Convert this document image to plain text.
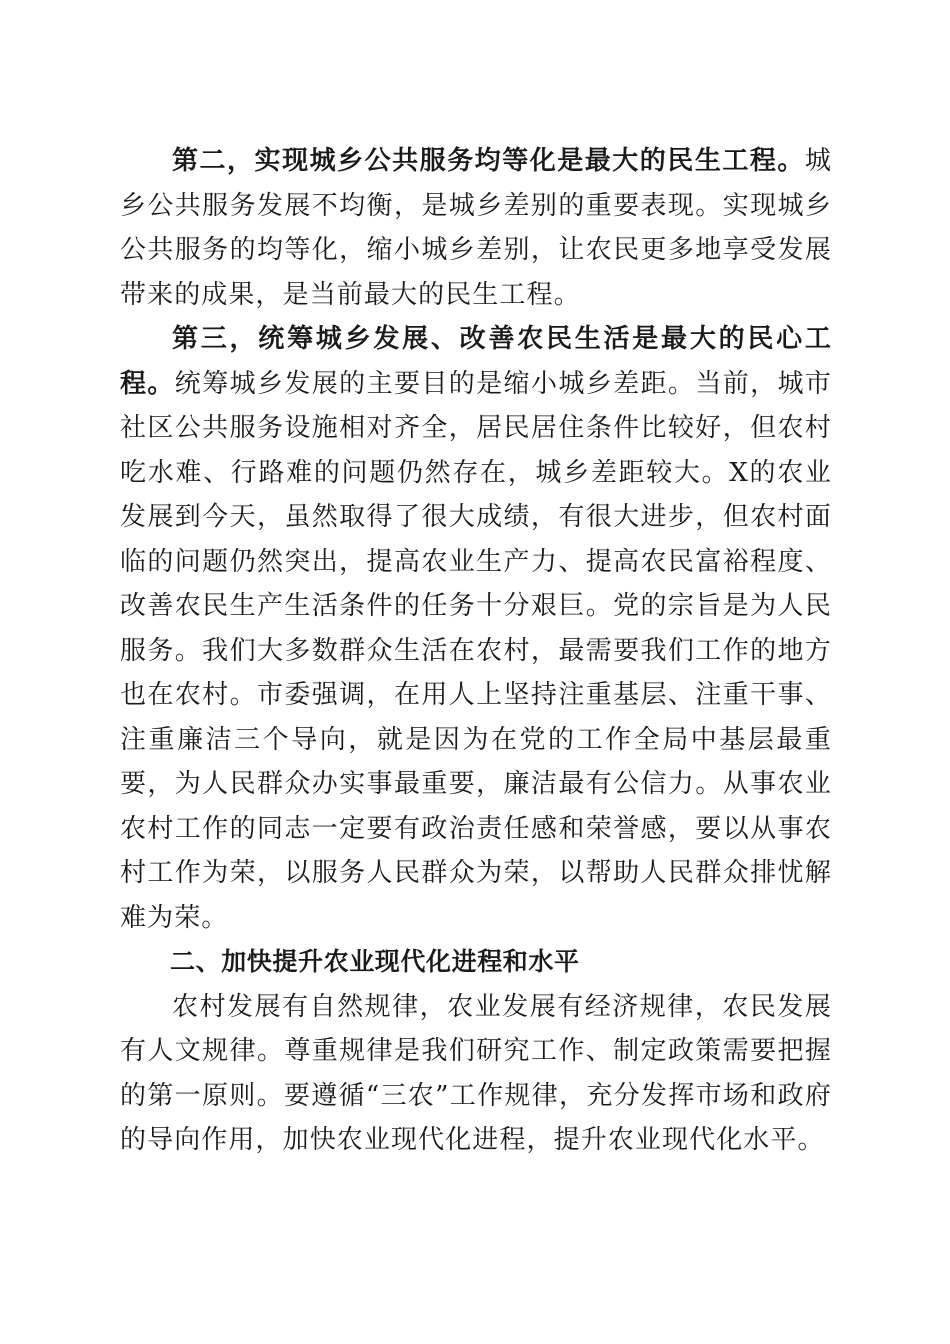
第二，实现城乡公共服务均等化是最大的民生工程。城乡公共服务发展不均衡，是城乡差别的重要表现。实现城乡公共服务的均等化，缩小城乡差别，让农民更多地享受发展带来的成果，是当前最大的民生工程。

第三，统筹城乡发展、改善农民生活是最大的民心工程。统筹城乡发展的主要目的是缩小城乡差距。当前，城市社区公共服务设施相对齐全，居民居住条件比较好，但农村吃水难、行路难的问题仍然存在，城乡差距较大。X的农业发展到今天，虽然取得了很大成绩，有很大进步，但农村面临的问题仍然突出，提高农业生产力、提高农民富裕程度、改善农民生产生活条件的任务十分艰巨。党的宗旨是为人民服务。我们大多数群众生活在农村，最需要我们工作的地方也在农村。市委强调，在用人上坚持注重基层、注重干事、注重廉洁三个导向，就是因为在党的工作全局中基层最重要，为人民群众办实事最重要，廉洁最有公信力。从事农业农村工作的同志一定要有政治责任感和荣誉感，要以从事农村工作为荣，以服务人民群众为荣，以帮助人民群众排忧解难为荣。

二、加快提升农业现代化进程和水平

农村发展有自然规律，农业发展有经济规律，农民发展有人文规律。尊重规律是我们研究工作、制定政策需要把握的第一原则。要遵循“三农”工作规律，充分发挥市场和政府的导向作用，加快农业现代化进程，提升农业现代化水平。
